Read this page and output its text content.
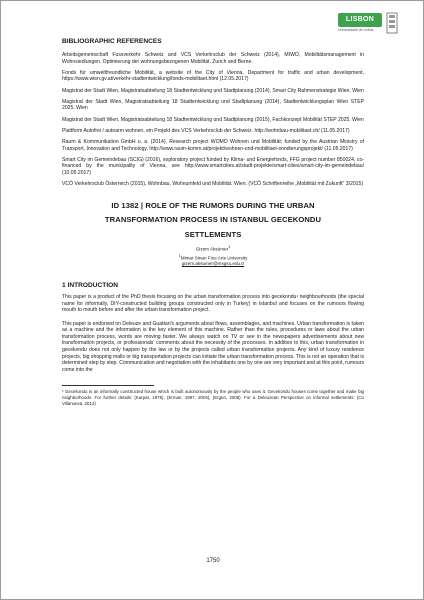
LISBON
Universidade de Lisboa
BIBLIOGRAPHIC REFERENCES

Arbeitsgemeinschaft Fussverkehr Schweiz and VCS Verkehrsclub der Schweiz (2014), MIWO, Mobilitätsmanagement in Wohnsiedlungen. Optimierung der wohnungsbezogenen Mobilität. Zurich and Berne.

Fonds für umweltfreundliche Mobilität, a website of the City of Vienna, Department for traffic and urban development, https://www.wien.gv.at/verkehr-stadtentwicklung/fonds-mobilitaet.html (12.05.2017)

Magistrat der Stadt Wien, Magistratsabteilung 18 Stadtentwicklung und Stadtplanung (2014), Smart City Rahmenstrategie Wien. Wien

Magistrat der Stadt Wien, Magistratsabteilung 18 Stadtentwicklung und Stadtplanung (2014), Stadtentwicklungsplan Wien STEP 2025. Wien

Magistrat der Stadt Wien, Magistratsabteilung 18 Stadtentwicklung und Stadtplanung (2015), Fachkonzept Mobilität STEP 2025. Wien

Plattform Autofrei / autoarm wohnen, ein Projekt des VCS Verkehrsclub der Schweiz. http://wohnbau-mobilitaet.ch/ (11.05.2017)

Raum & Kommunikation GmbH u. a. (2014), Research project WOMO Wohnen und Mobilität; funded by the Austrian Ministry of Transport, Innovation and Technology. http://www.raum-komm.at/projekt/wohnen-und-mobilitaet-sondierungsprojekt/ (11.05.2017)

Smart City im Gemeindebau (SCIG) (2016), exploratory project funded by Klima- und Energiefonds, FFG project number 850024, co-financed by the municipality of Vienna, see http://www.smartcities.at/stadt-projekte/smart-cities/smart-city-im-gemeindebau/ (10.05.2017)

VCÖ Verkehrsclub Österreich (2015), Wohnbau, Wohnumfeld und Mobilität. Wien. (VCÖ Schriftenreihe „Mobilität mit Zukunft“ 3/2015)

ID 1382 | ROLE OF THE RUMORS DURING THE URBAN
TRANSFORMATION PROCESS IN ISTANBUL GECEKONDU
SETTLEMENTS
Gizem Aksümer$^1$
$^1$Mimar Sinan Fine Arts University
gizem.aksumer@msgsu.edu.tr
1 INTRODUCTION

This paper is a product of the PhD thesis focusing on the urban transformation process into gecekondu¹ neighbourhoods (the special name for informally, DIY-constructed building groups constructed only in Turkey) in Istanbul and focuses on the rumours flowing mouth to mouth before and after the urban transformation project.

This paper is endorsed on Deleuze and Guattari's arguments about flows, assemblages, and machines. Urban transformation is taken as a machine and the information is the key element of this machine. Rather than the rules, procedures or laws about the urban transformation process, words are moving faster. We always watch on TV or see in the newspapers advertisements about new transformation projects, or professionals' comments about the necessity of the processes. In addition to this, urban transformation in gecekondu does not only happen by the law or by the projects called urban transformation projects. Any kind of luxury residence projects, big shopping malls or big transportation projects can initiate the urban transformation process. This is not an operation that is determined step by step. Communication and negotiation with the inhabitants one by one are very important and at this point, rumours come into the

¹ Gecekondu is an informally constructed house which is built autonomously by the people who uses it. Gecekondu houses come together and make big neighborhoods. For further details: (Karpat, 1976), (Erman, 1997, 2004), (Ergün, 2008). For a Deleuzean Perspective on informal settlements: (Co Villanueva, 2012)
1750
